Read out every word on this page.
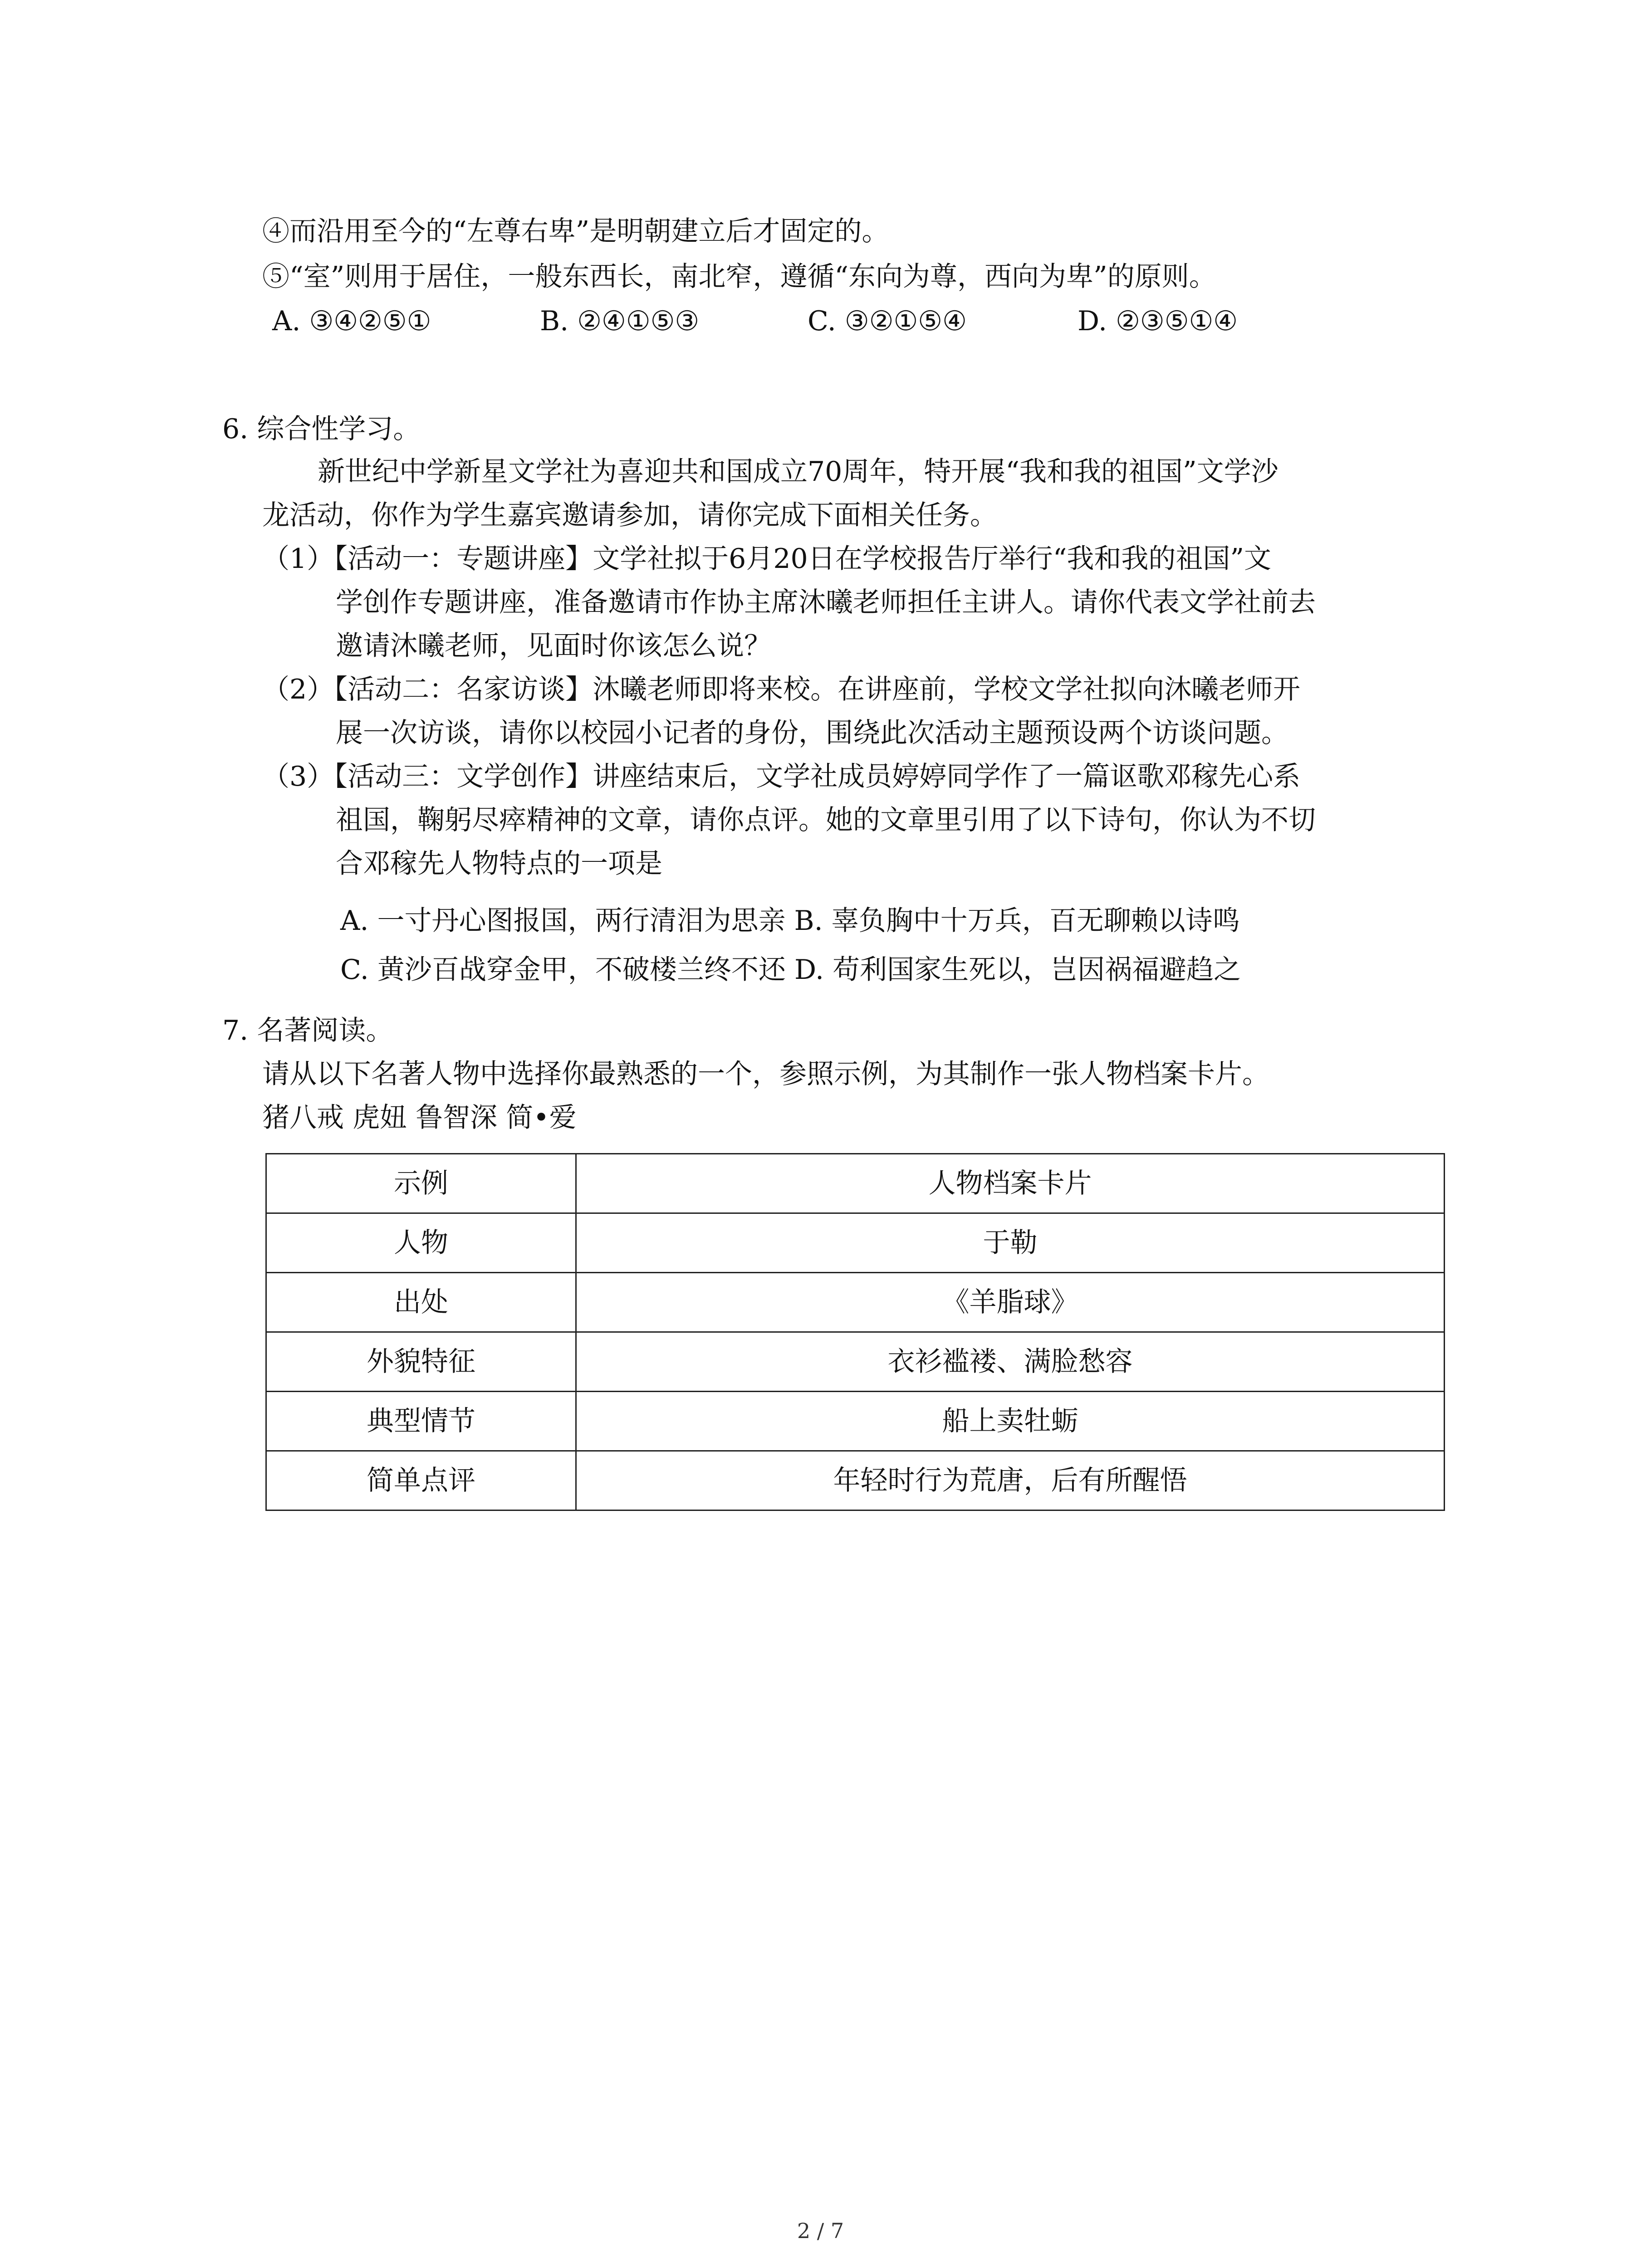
④而沿用至今的“左尊右卑”是明朝建立后才固定的。
⑤“室”则用于居住，一般东西长，南北窄，遵循“东向为尊，西向为卑”的原则。
A. ③④②⑤①	B. ②④①⑤③	C. ③②①⑤④	D. ②③⑤①④
6. 综合性学习。
新世纪中学新星文学社为喜迎共和国成立70周年，特开展“我和我的祖国”文学沙
龙活动，你作为学生嘉宾邀请参加，请你完成下面相关任务。
（1）【活动一：专题讲座】文学社拟于6月20日在学校报告厅举行“我和我的祖国”文
学创作专题讲座，准备邀请市作协主席沐曦老师担任主讲人。请你代表文学社前去
邀请沐曦老师，见面时你该怎么说？
（2）【活动二：名家访谈】沐曦老师即将来校。在讲座前，学校文学社拟向沐曦老师开
展一次访谈，请你以校园小记者的身份，围绕此次活动主题预设两个访谈问题。
（3）【活动三：文学创作】讲座结束后，文学社成员婷婷同学作了一篇讴歌邓稼先心系
祖国，鞠躬尽瘁精神的文章，请你点评。她的文章里引用了以下诗句，你认为不切
合邓稼先人物特点的一项是
A. 一寸丹心图报国，两行清泪为思亲 B. 辜负胸中十万兵，百无聊赖以诗鸣
C. 黄沙百战穿金甲，不破楼兰终不还 D. 苟利国家生死以，岂因祸福避趋之
7. 名著阅读。
请从以下名著人物中选择你最熟悉的一个，参照示例，为其制作一张人物档案卡片。
猪八戒 虎妞 鲁智深 简•爱
示例	人物档案卡片
人物	于勒
出处	《羊脂球》
外貌特征	衣衫褴褛、满脸愁容
典型情节	船上卖牡蛎
简单点评	年轻时行为荒唐，后有所醒悟
2 / 7
